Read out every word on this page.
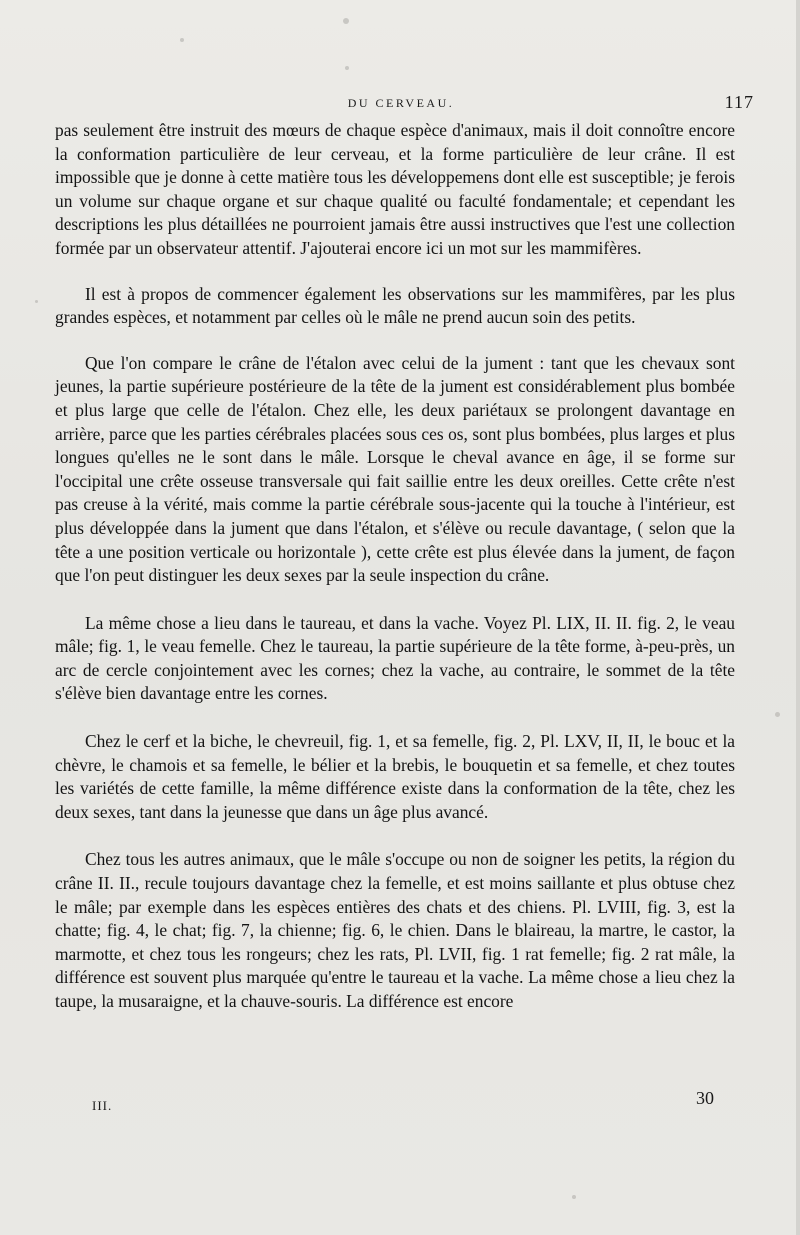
DU CERVEAU.	117

pas seulement être instruit des mœurs de chaque espèce d'animaux, mais il doit connoître encore la conformation particulière de leur cerveau, et la forme particulière de leur crâne. Il est impossible que je donne à cette matière tous les développemens dont elle est susceptible; je ferois un volume sur chaque organe et sur chaque qualité ou faculté fondamentale; et cependant les descriptions les plus détaillées ne pourroient jamais être aussi instructives que l'est une collection formée par un observateur attentif. J'ajouterai encore ici un mot sur les mammifères.

Il est à propos de commencer également les observations sur les mammifères, par les plus grandes espèces, et notamment par celles où le mâle ne prend aucun soin des petits.

Que l'on compare le crâne de l'étalon avec celui de la jument : tant que les chevaux sont jeunes, la partie supérieure postérieure de la tête de la jument est considérablement plus bombée et plus large que celle de l'étalon. Chez elle, les deux pariétaux se prolongent davantage en arrière, parce que les parties cérébrales placées sous ces os, sont plus bombées, plus larges et plus longues qu'elles ne le sont dans le mâle. Lorsque le cheval avance en âge, il se forme sur l'occipital une crête osseuse transversale qui fait saillie entre les deux oreilles. Cette crête n'est pas creuse à la vérité, mais comme la partie cérébrale sous-jacente qui la touche à l'intérieur, est plus développée dans la jument que dans l'étalon, et s'élève ou recule davantage, ( selon que la tête a une position verticale ou horizontale ), cette crête est plus élevée dans la jument, de façon que l'on peut distinguer les deux sexes par la seule inspection du crâne.

La même chose a lieu dans le taureau, et dans la vache. Voyez Pl. LIX, II. II. fig. 2, le veau mâle; fig. 1, le veau femelle. Chez le taureau, la partie supérieure de la tête forme, à-peu-près, un arc de cercle conjointement avec les cornes; chez la vache, au contraire, le sommet de la tête s'élève bien davantage entre les cornes.

Chez le cerf et la biche, le chevreuil, fig. 1, et sa femelle, fig. 2, Pl. LXV, II, II, le bouc et la chèvre, le chamois et sa femelle, le bélier et la brebis, le bouquetin et sa femelle, et chez toutes les variétés de cette famille, la même différence existe dans la conformation de la tête, chez les deux sexes, tant dans la jeunesse que dans un âge plus avancé.

Chez tous les autres animaux, que le mâle s'occupe ou non de soigner les petits, la région du crâne II. II., recule toujours davantage chez la femelle, et est moins saillante et plus obtuse chez le mâle; par exemple dans les espèces entières des chats et des chiens. Pl. LVIII, fig. 3, est la chatte; fig. 4, le chat; fig. 7, la chienne; fig. 6, le chien. Dans le blaireau, la martre, le castor, la marmotte, et chez tous les rongeurs; chez les rats, Pl. LVII, fig. 1 rat femelle; fig. 2 rat mâle, la différence est souvent plus marquée qu'entre le taureau et la vache. La même chose a lieu chez la taupe, la musaraigne, et la chauve-souris. La différence est encore

III.	30
